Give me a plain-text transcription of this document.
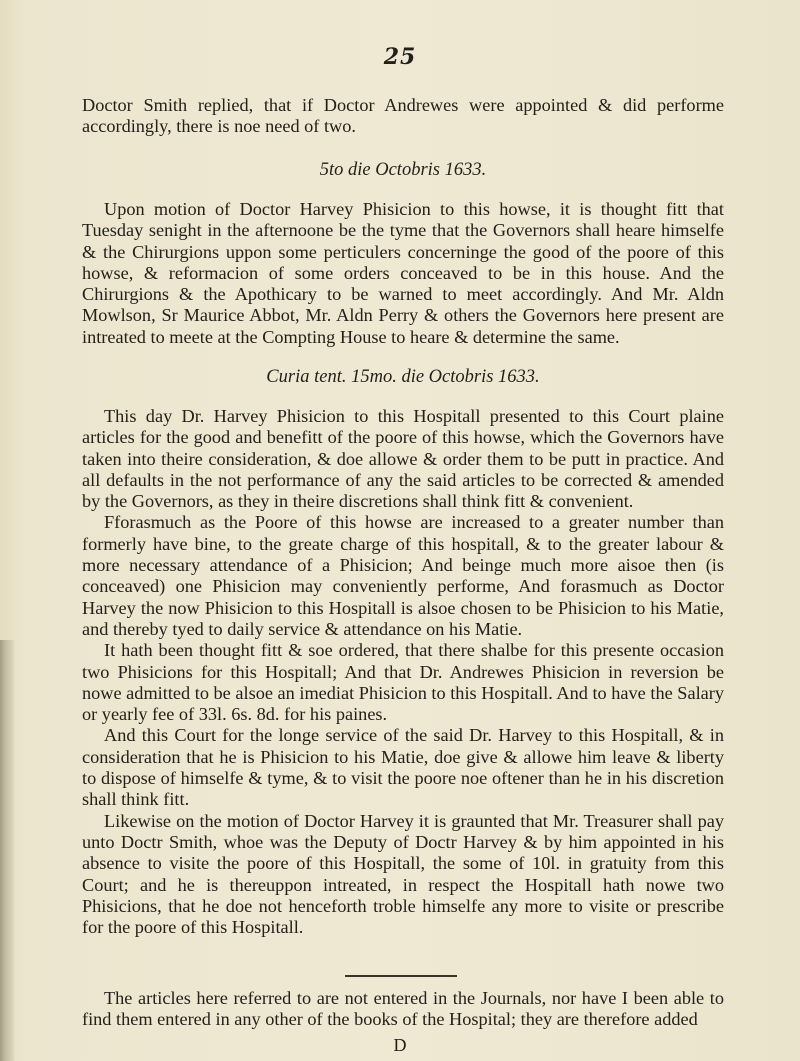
25

Doctor Smith replied, that if Doctor Andrewes were appointed & did performe accordingly, there is noe need of two.

5to die Octobris 1633.

Upon motion of Doctor Harvey Phisicion to this howse, it is thought fitt that Tuesday senight in the afternoone be the tyme that the Governors shall heare himselfe & the Chirurgions uppon some perticulers concerninge the good of the poore of this howse, & reformacion of some orders conceaved to be in this house. And the Chirurgions & the Apothicary to be warned to meet accordingly. And Mr. Aldn Mowlson, Sr Maurice Abbot, Mr. Aldn Perry & others the Governors here present are intreated to meete at the Compting House to heare & determine the same.

Curia tent. 15mo. die Octobris 1633.

This day Dr. Harvey Phisicion to this Hospitall presented to this Court plaine articles for the good and benefitt of the poore of this howse, which the Governors have taken into theire consideration, & doe allowe & order them to be putt in practice. And all defaults in the not performance of any the said articles to be corrected & amended by the Governors, as they in theire discretions shall think fitt & convenient.

Fforasmuch as the Poore of this howse are increased to a greater number than formerly have bine, to the greate charge of this hospitall, & to the greater labour & more necessary attendance of a Phisicion; And beinge much more aisoe then (is conceaved) one Phisicion may conveniently performe, And forasmuch as Doctor Harvey the now Phisicion to this Hospitall is alsoe chosen to be Phisicion to his Matie, and thereby tyed to daily service & attendance on his Matie.

It hath been thought fitt & soe ordered, that there shalbe for this presente occasion two Phisicions for this Hospitall; And that Dr. Andrewes Phisicion in reversion be nowe admitted to be alsoe an imediat Phisicion to this Hospitall. And to have the Salary or yearly fee of 33l. 6s. 8d. for his paines.

And this Court for the longe service of the said Dr. Harvey to this Hospitall, & in consideration that he is Phisicion to his Matie, doe give & allowe him leave & liberty to dispose of himselfe & tyme, & to visit the poore noe oftener than he in his discretion shall think fitt.

Likewise on the motion of Doctor Harvey it is graunted that Mr. Treasurer shall pay unto Doctr Smith, whoe was the Deputy of Doctr Harvey & by him appointed in his absence to visite the poore of this Hospitall, the some of 10l. in gratuity from this Court; and he is thereuppon intreated, in respect the Hospitall hath nowe two Phisicions, that he doe not henceforth troble himselfe any more to visite or prescribe for the poore of this Hospitall.

The articles here referred to are not entered in the Journals, nor have I been able to find them entered in any other of the books of the Hospital; they are therefore added

D
